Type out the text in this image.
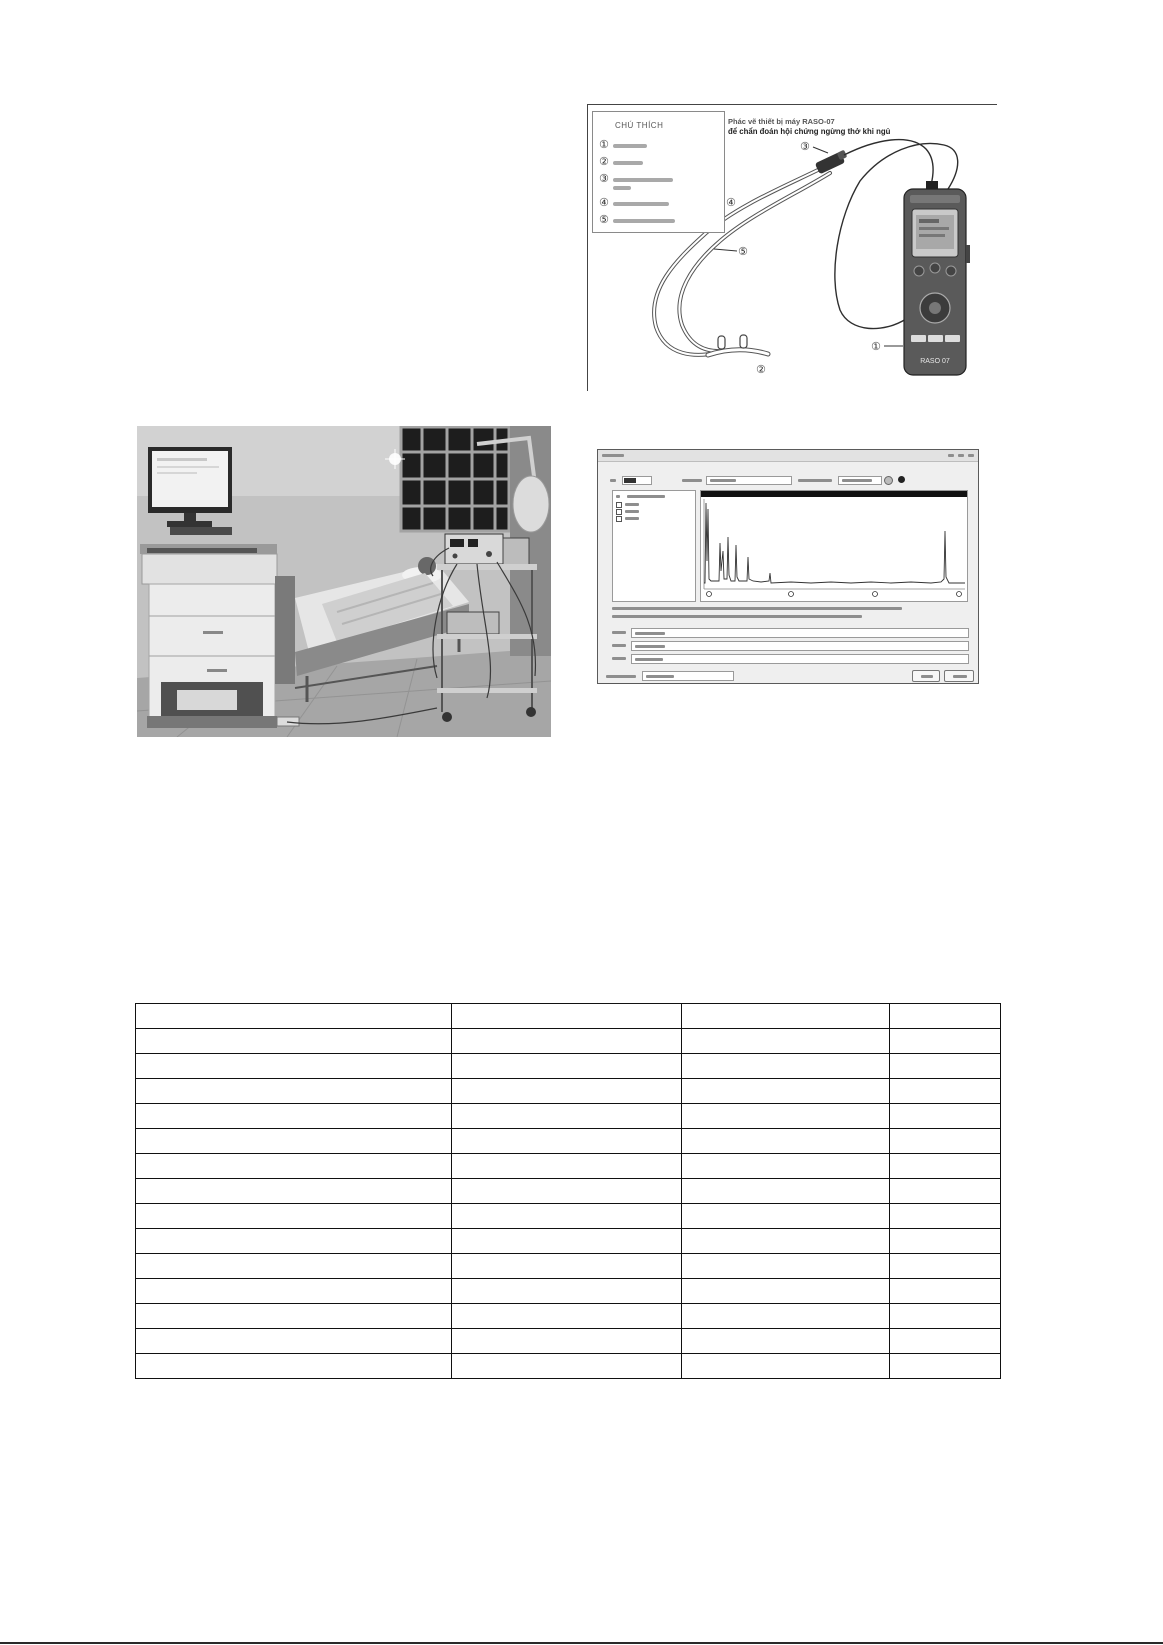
RASO 07
①
②
③
④
⑤
CHÚ THÍCH
①
②
③
④
⑤
Phác vẽ thiết bị máy RASO-07
để chẩn đoán hội chứng ngừng thở khi ngủ
